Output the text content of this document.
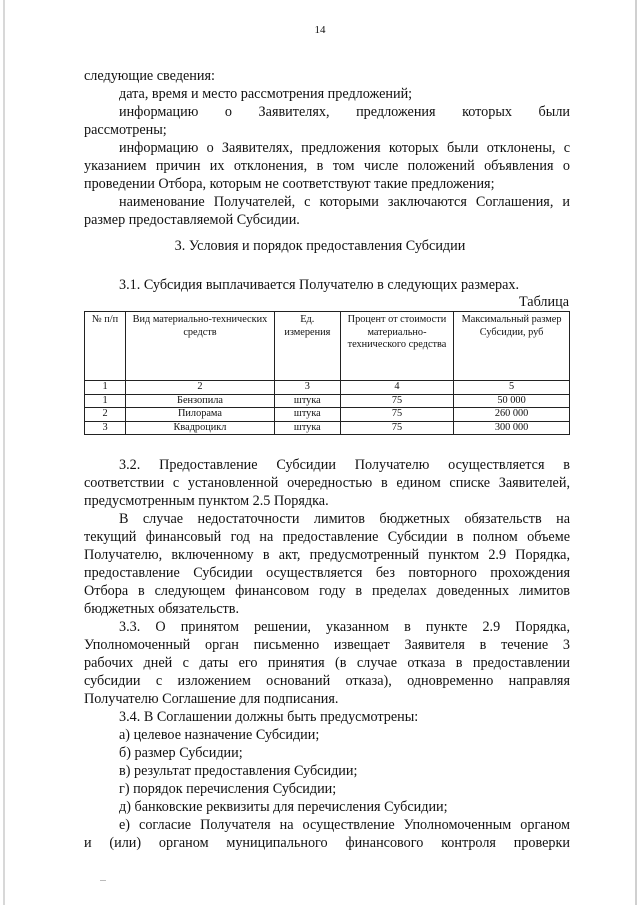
14
следующие сведения:
дата, время и место рассмотрения предложений;
информацию о Заявителях, предложения которых были
рассмотрены;
информацию о Заявителях, предложения которых были отклонены, с
указанием причин их отклонения, в том числе положений объявления о
проведении Отбора, которым не соответствуют такие предложения;
наименование Получателей, с которыми заключаются Соглашения, и
размер предоставляемой Субсидии.
3. Условия и порядок предоставления Субсидии
3.1. Субсидия выплачивается Получателю в следующих размерах.
Таблица
№ п/п	Вид материально-технических средств	Ед. измерения	Процент от стоимости материально-технического средства	Максимальный размер Субсидии, руб
1	2	3	4	5
1	Бензопила	штука	75	50 000
2	Пилорама	штука	75	260 000
3	Квадроцикл	штука	75	300 000
3.2. Предоставление Субсидии Получателю осуществляется в
соответствии с установленной очередностью в едином списке Заявителей,
предусмотренным пунктом 2.5 Порядка.
В случае недостаточности лимитов бюджетных обязательств на
текущий финансовый год на предоставление Субсидии в полном объеме
Получателю, включенному в акт, предусмотренный пунктом 2.9 Порядка,
предоставление Субсидии осуществляется без повторного прохождения
Отбора в следующем финансовом году в пределах доведенных лимитов
бюджетных обязательств.
3.3. О принятом решении, указанном в пункте 2.9 Порядка,
Уполномоченный орган письменно извещает Заявителя в течение 3
рабочих дней с даты его принятия (в случае отказа в предоставлении
субсидии с изложением оснований отказа), одновременно направляя
Получателю Соглашение для подписания.
3.4. В Соглашении должны быть предусмотрены:
а) целевое назначение Субсидии;
б) размер Субсидии;
в) результат предоставления Субсидии;
г) порядок перечисления Субсидии;
д) банковские реквизиты для перечисления Субсидии;
е) согласие Получателя на осуществление Уполномоченным органом
и (или) органом муниципального финансового контроля проверки
